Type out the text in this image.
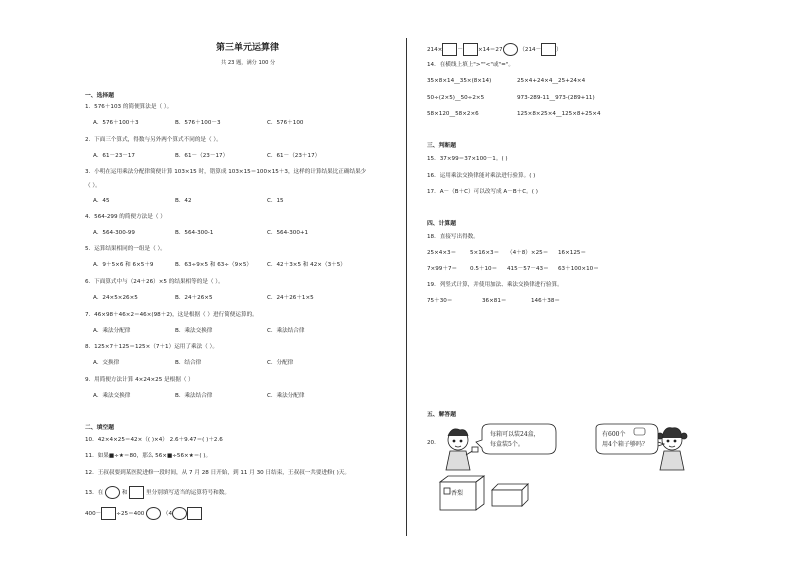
第三单元运算律
共 23 题，满分 100 分
一、选择题
1．576＋103 的简便算法是（ ）。
A．576＋100＋3	B．576＋100－3	C．576＋100
2．下面三个算式，得数与另外两个算式不同的是（ ）。
A．61－23－17	B．61－（23－17）	C．61－（23＋17）
3．小明在运用乘法分配律简便计算 103×15 时，错算成 103×15＝100×15＋3，这样的计算结果比正确结果少
（ ）。
A．45	B．42	C．15
4．564-299 的简便方法是（ ）
A．564-300-99	B．564-300-1	C．564-300+1
5．运算结果相同的一组是（ ）。
A．9＋5×6 和 6×5＋9	B．63÷9×5 和 63÷（9×5）	C．42＋3×5 和 42×（3＋5）
6．下面算式中与（24＋26）×5 的结果相等的是（ ）。
A．24×5×26×5	B．24＋26×5	C．24＋26＋1×5
7．46×98＋46×2＝46×(98＋2)，这是根据（ ）进行简便运算的。
A．乘法分配律	B．乘法交换律	C．乘法结合律
8．125×7＋125＝125×（7＋1）运用了乘法（ ）。
A．交换律	B．结合律	C．分配律
9．用简便方法计算 4×24×25 是根据（ ）
A．乘法交换律	B．乘法结合律	C．乘法分配律
二、填空题
10．42×4×25＝42×（( )×4） 2.6＋9.47＝( )＋2.6
11．如果■÷★＝80，那么 56×■÷56×★＝( )。
12．王叔叔要到某医院进修一段时间，从 7 月 28 日开始，到 11 月 30 日结束，王叔叔一共要进修( )天。
13．在	和	里分别填写适当的运算符号和数。
400－	÷25＝400	（4
214×	－	×14＝27	（214－	）
14．在横线上填上">""<"或"="。
35×8×14__35×(8×14)	25×4+24×4__25+24×4
50÷(2×5)__50÷2×5	973-289-11__973-(289+11)
58×120__58×2×6	125×8×25×4__125×8+25×4
三、判断题
15．37×99＝37×100－1。( )
16．运用乘法交换律能对乘法进行验算。( )
17．A－（B＋C）可以改写成 A－B＋C。( )
四、计算题
18．直接写出得数。
25×4×3＝ 5×16×3＝ （4＋8）×25＝ 16×125＝
7×99＋7＝ 0.5＋10＝ 415－57－43＝ 63＋100×10＝
19．列竖式计算，并使用加法、乘法交换律进行验算。
75＋30＝	36×81＝	146＋38＝
五、解答题
20.
每箱可以装24盒，
每盒装5个。
有600个
用4个箱子够吗？
香梨
